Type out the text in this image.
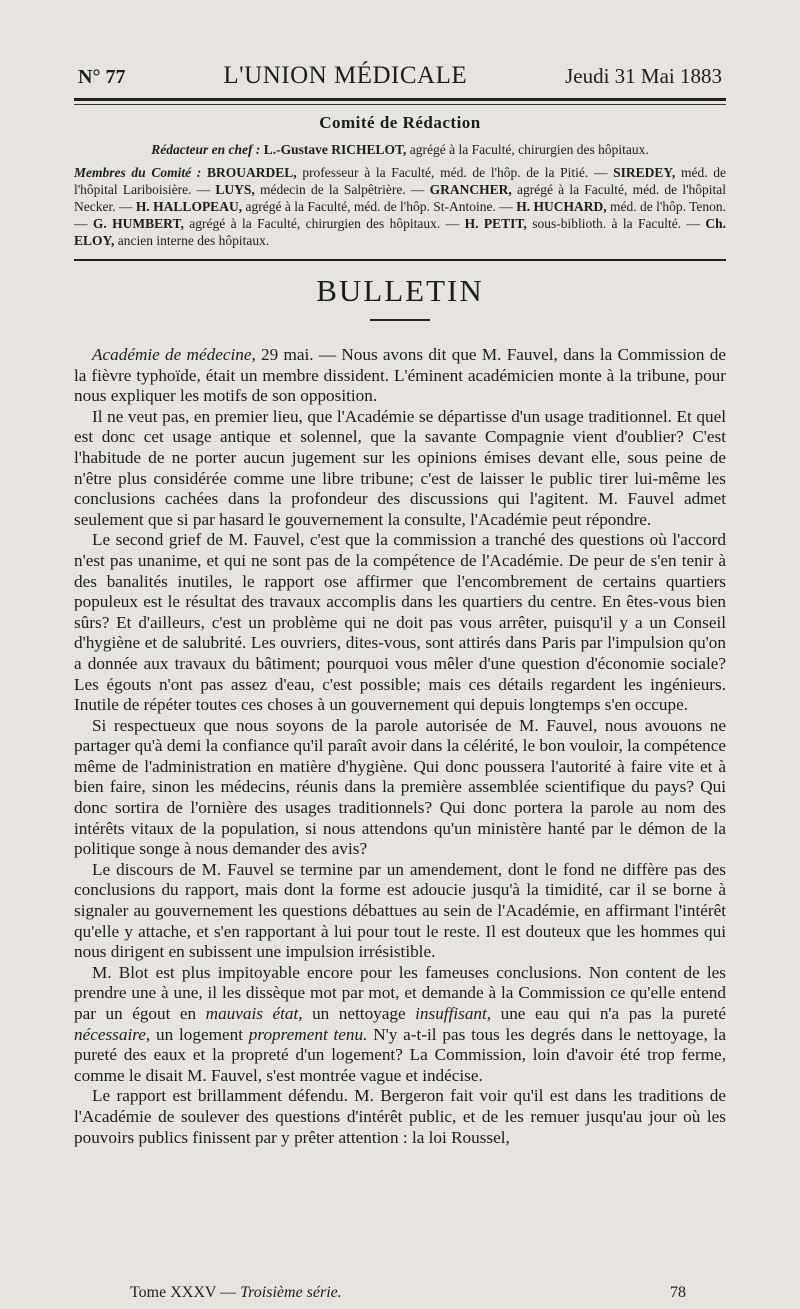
N° 77	L'UNION MÉDICALE	Jeudi 31 Mai 1883
Comité de Rédaction
Rédacteur en chef : L.-Gustave RICHELOT, agrégé à la Faculté, chirurgien des hôpitaux.
Membres du Comité : BROUARDEL, professeur à la Faculté, méd. de l'hôp. de la Pitié. — SIREDEY, méd. de l'hôpital Lariboisière. — LUYS, médecin de la Salpêtrière. — GRANCHER, agrégé à la Faculté, méd. de l'hôpital Necker. — H. HALLOPEAU, agrégé à la Faculté, méd. de l'hôp. St-Antoine. — H. HUCHARD, méd. de l'hôp. Tenon. — G. HUMBERT, agrégé à la Faculté, chirurgien des hôpitaux. — H. PETIT, sous-biblioth. à la Faculté. — Ch. ELOY, ancien interne des hôpitaux.
BULLETIN

Académie de médecine, 29 mai. — Nous avons dit que M. Fauvel, dans la Commission de la fièvre typhoïde, était un membre dissident. L'éminent académicien monte à la tribune, pour nous expliquer les motifs de son opposition.

Il ne veut pas, en premier lieu, que l'Académie se départisse d'un usage traditionnel. Et quel est donc cet usage antique et solennel, que la savante Compagnie vient d'oublier? C'est l'habitude de ne porter aucun jugement sur les opinions émises devant elle, sous peine de n'être plus considérée comme une libre tribune; c'est de laisser le public tirer lui-même les conclusions cachées dans la profondeur des discussions qui l'agitent. M. Fauvel admet seulement que si par hasard le gouvernement la consulte, l'Académie peut répondre.

Le second grief de M. Fauvel, c'est que la commission a tranché des questions où l'accord n'est pas unanime, et qui ne sont pas de la compétence de l'Académie. De peur de s'en tenir à des banalités inutiles, le rapport ose affirmer que l'encombrement de certains quartiers populeux est le résultat des travaux accomplis dans les quartiers du centre. En êtes-vous bien sûrs? Et d'ailleurs, c'est un problème qui ne doit pas vous arrêter, puisqu'il y a un Conseil d'hygiène et de salubrité. Les ouvriers, dites-vous, sont attirés dans Paris par l'impulsion qu'on a donnée aux travaux du bâtiment; pourquoi vous mêler d'une question d'économie sociale? Les égouts n'ont pas assez d'eau, c'est possible; mais ces détails regardent les ingénieurs. Inutile de répéter toutes ces choses à un gouvernement qui depuis longtemps s'en occupe.

Si respectueux que nous soyons de la parole autorisée de M. Fauvel, nous avouons ne partager qu'à demi la confiance qu'il paraît avoir dans la célérité, le bon vouloir, la compétence même de l'administration en matière d'hygiène. Qui donc poussera l'autorité à faire vite et à bien faire, sinon les médecins, réunis dans la première assemblée scientifique du pays? Qui donc sortira de l'ornière des usages traditionnels? Qui donc portera la parole au nom des intérêts vitaux de la population, si nous attendons qu'un ministère hanté par le démon de la politique songe à nous demander des avis?

Le discours de M. Fauvel se termine par un amendement, dont le fond ne diffère pas des conclusions du rapport, mais dont la forme est adoucie jusqu'à la timidité, car il se borne à signaler au gouvernement les questions débattues au sein de l'Académie, en affirmant l'intérêt qu'elle y attache, et s'en rapportant à lui pour tout le reste. Il est douteux que les hommes qui nous dirigent en subissent une impulsion irrésistible.

M. Blot est plus impitoyable encore pour les fameuses conclusions. Non content de les prendre une à une, il les dissèque mot par mot, et demande à la Commission ce qu'elle entend par un égout en mauvais état, un nettoyage insuffisant, une eau qui n'a pas la pureté nécessaire, un logement proprement tenu. N'y a-t-il pas tous les degrés dans le nettoyage, la pureté des eaux et la propreté d'un logement? La Commission, loin d'avoir été trop ferme, comme le disait M. Fauvel, s'est montrée vague et indécise.

Le rapport est brillamment défendu. M. Bergeron fait voir qu'il est dans les traditions de l'Académie de soulever des questions d'intérêt public, et de les remuer jusqu'au jour où les pouvoirs publics finissent par y prêter attention : la loi Roussel,

Tome XXXV — Troisième série.	78
